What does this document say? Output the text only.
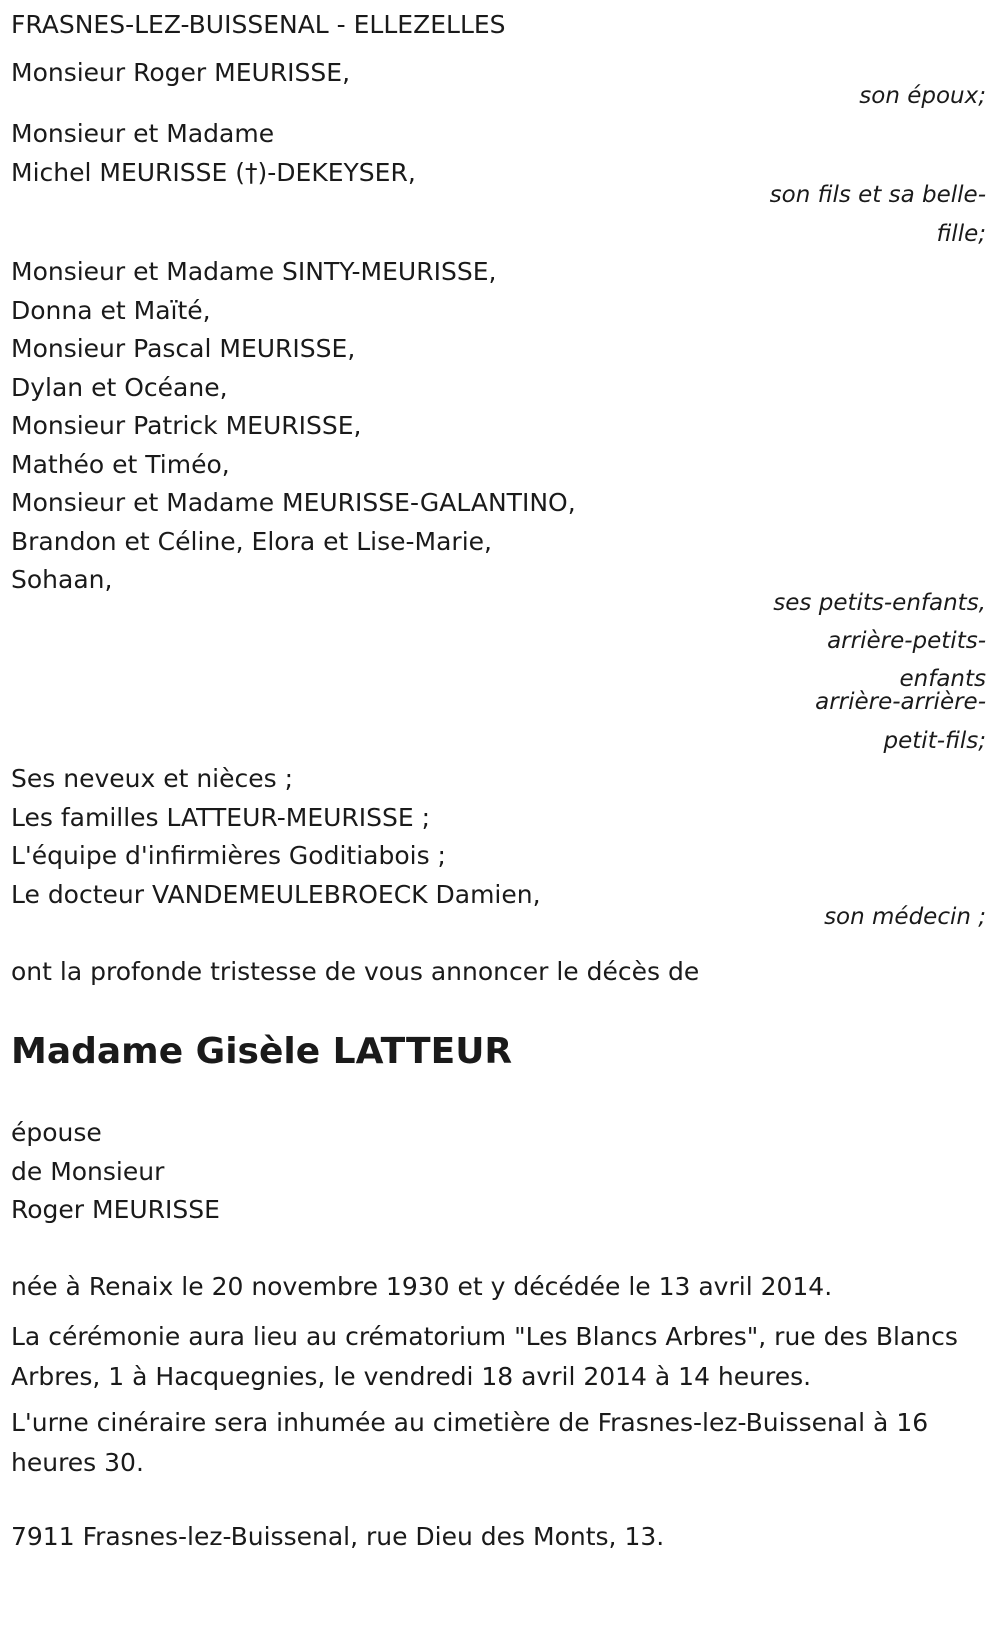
FRASNES-LEZ-BUISSENAL - ELLEZELLES
Monsieur Roger MEURISSE,
son époux;
Monsieur et Madame
Michel MEURISSE (†)-DEKEYSER,
son fils et sa belle-
fille;
Monsieur et Madame SINTY-MEURISSE,
Donna et Maïté,
Monsieur Pascal MEURISSE,
Dylan et Océane,
Monsieur Patrick MEURISSE,
Mathéo et Timéo,
Monsieur et Madame MEURISSE-GALANTINO,
Brandon et Céline, Elora et Lise-Marie,
Sohaan,
ses petits-enfants,
arrière-petits-
enfants
arrière-arrière-
petit-fils;
Ses neveux et nièces ;
Les familles LATTEUR-MEURISSE ;
L'équipe d'infirmières Goditiabois ;
Le docteur VANDEMEULEBROECK Damien,
son médecin ;
ont la profonde tristesse de vous annoncer le décès de
Madame Gisèle LATTEUR
épouse
de Monsieur
Roger MEURISSE
née à Renaix le 20 novembre 1930 et y décédée le 13 avril 2014.
La cérémonie aura lieu au crématorium "Les Blancs Arbres", rue des Blancs Arbres, 1 à Hacquegnies, le vendredi 18 avril 2014 à 14 heures.
L'urne cinéraire sera inhumée au cimetière de Frasnes-lez-Buissenal à 16 heures 30.
7911 Frasnes-lez-Buissenal, rue Dieu des Monts, 13.
